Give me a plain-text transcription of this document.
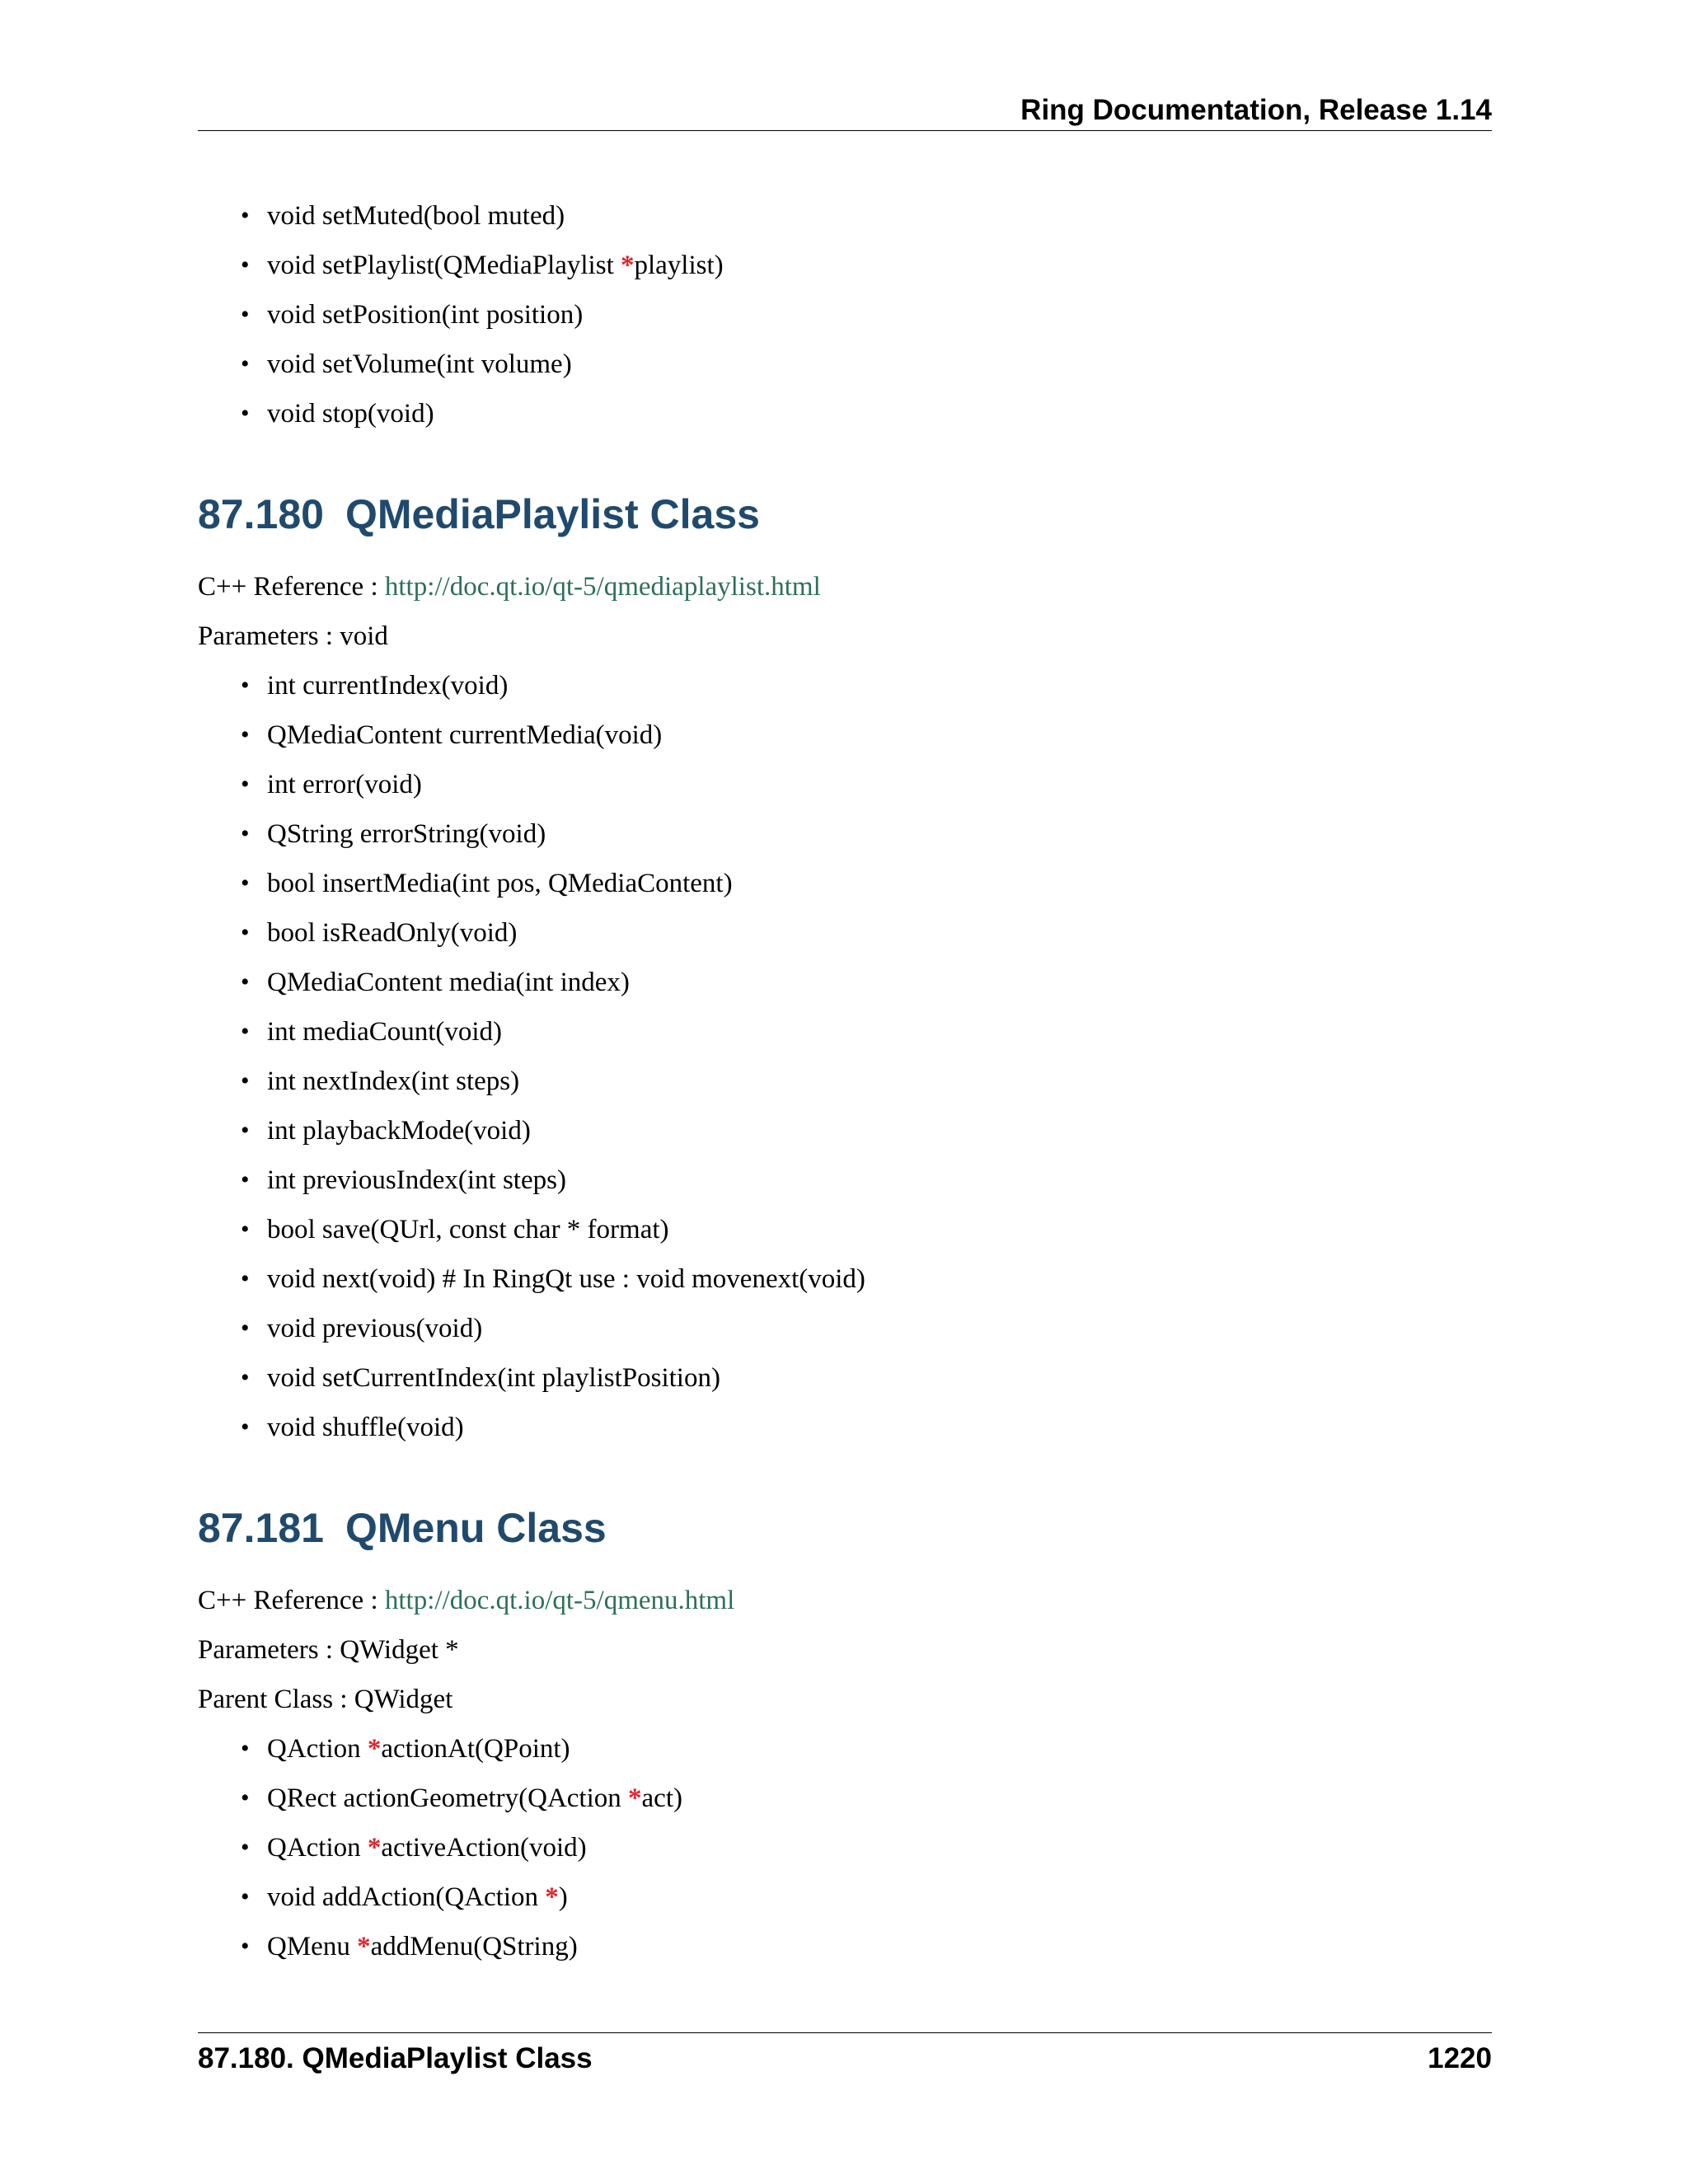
Ring Documentation, Release 1.14
• void setMuted(bool muted)
• void setPlaylist(QMediaPlaylist *playlist)
• void setPosition(int position)
• void setVolume(int volume)
• void stop(void)
87.180 QMediaPlaylist Class

C++ Reference : http://doc.qt.io/qt-5/qmediaplaylist.html

Parameters : void

• int currentIndex(void)
• QMediaContent currentMedia(void)
• int error(void)
• QString errorString(void)
• bool insertMedia(int pos, QMediaContent)
• bool isReadOnly(void)
• QMediaContent media(int index)
• int mediaCount(void)
• int nextIndex(int steps)
• int playbackMode(void)
• int previousIndex(int steps)
• bool save(QUrl, const char * format)
• void next(void) # In RingQt use : void movenext(void)
• void previous(void)
• void setCurrentIndex(int playlistPosition)
• void shuffle(void)
87.181 QMenu Class

C++ Reference : http://doc.qt.io/qt-5/qmenu.html

Parameters : QWidget *

Parent Class : QWidget

• QAction *actionAt(QPoint)
• QRect actionGeometry(QAction *act)
• QAction *activeAction(void)
• void addAction(QAction *)
• QMenu *addMenu(QString)
87.180. QMediaPlaylist Class	1220
